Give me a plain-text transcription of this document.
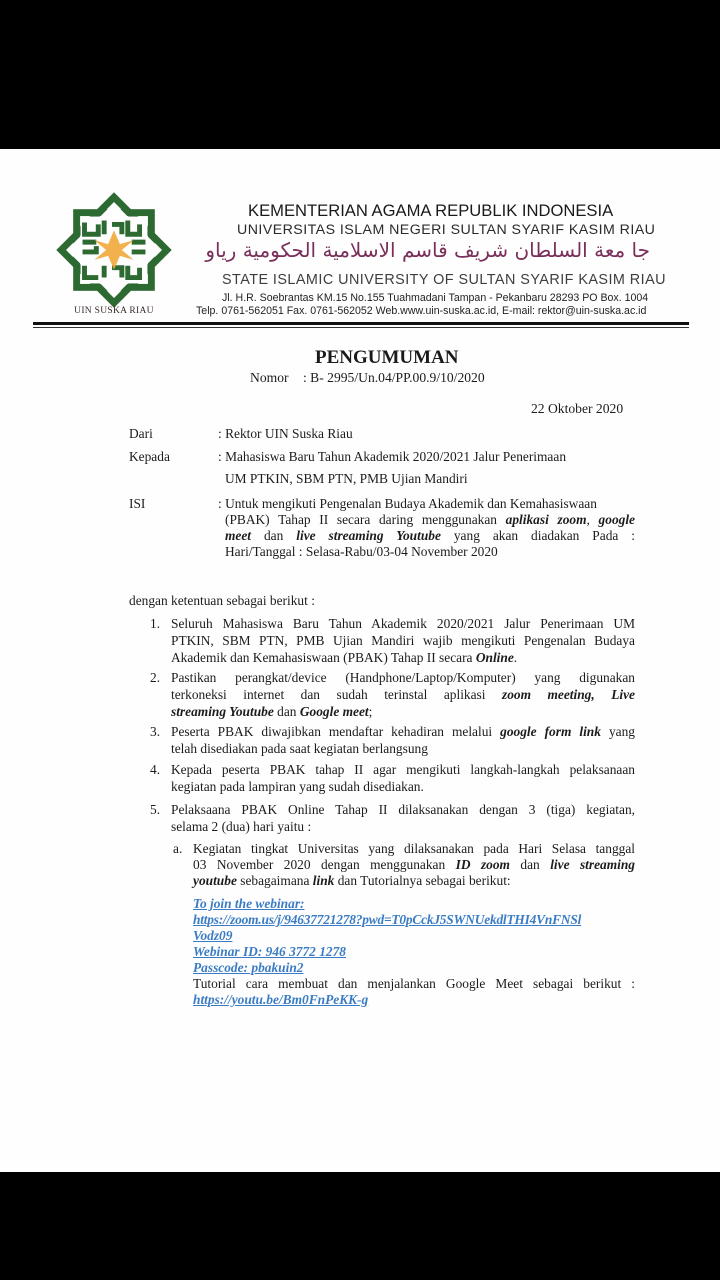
UIN SUSKA RIAU
KEMENTERIAN AGAMA REPUBLIK INDONESIA
UNIVERSITAS ISLAM NEGERI SULTAN SYARIF KASIM RIAU
جا معة السلطان شريف قاسم الاسلامية الحكومية رياو
STATE ISLAMIC UNIVERSITY OF SULTAN SYARIF KASIM RIAU
Jl. H.R. Soebrantas KM.15 No.155 Tuahmadani Tampan - Pekanbaru 28293 PO Box. 1004
Telp. 0761-562051 Fax. 0761-562052 Web.www.uin-suska.ac.id, E-mail: rektor@uin-suska.ac.id
PENGUMUMAN
Nomor : B- 2995/Un.04/PP.00.9/10/2020
22 Oktober 2020
Dari	: Rektor UIN Suska Riau
Kepada	: Mahasiswa Baru Tahun Akademik 2020/2021 Jalur Penerimaan
UM PTKIN, SBM PTN, PMB Ujian Mandiri
ISI	: Untuk mengikuti Pengenalan Budaya Akademik dan Kemahasiswaan
(PBAK) Tahap II secara daring menggunakan aplikasi zoom, google
meet dan live streaming Youtube yang akan diadakan Pada :
Hari/Tanggal : Selasa-Rabu/03-04 November 2020
dengan ketentuan sebagai berikut :
1. Seluruh Mahasiswa Baru Tahun Akademik 2020/2021 Jalur Penerimaan UM
PTKIN, SBM PTN, PMB Ujian Mandiri wajib mengikuti Pengenalan Budaya
Akademik dan Kemahasiswaan (PBAK) Tahap II secara Online.
2. Pastikan perangkat/device (Handphone/Laptop/Komputer) yang digunakan
terkoneksi internet dan sudah terinstal aplikasi zoom meeting, Live
streaming Youtube dan Google meet;
3. Peserta PBAK diwajibkan mendaftar kehadiran melalui google form link yang
telah disediakan pada saat kegiatan berlangsung
4. Kepada peserta PBAK tahap II agar mengikuti langkah-langkah pelaksanaan
kegiatan pada lampiran yang sudah disediakan.
5. Pelaksaana PBAK Online Tahap II dilaksanakan dengan 3 (tiga) kegiatan,
selama 2 (dua) hari yaitu :
a. Kegiatan tingkat Universitas yang dilaksanakan pada Hari Selasa tanggal
03 November 2020 dengan menggunakan ID zoom dan live streaming
youtube sebagaimana link dan Tutorialnya sebagai berikut:
To join the webinar:
https://zoom.us/j/94637721278?pwd=T0pCckJ5SWNUekdlTHI4VnFNSl
Vodz09
Webinar ID: 946 3772 1278
Passcode: pbakuin2
Tutorial cara membuat dan menjalankan Google Meet sebagai berikut :
https://youtu.be/Bm0FnPeKK-g
